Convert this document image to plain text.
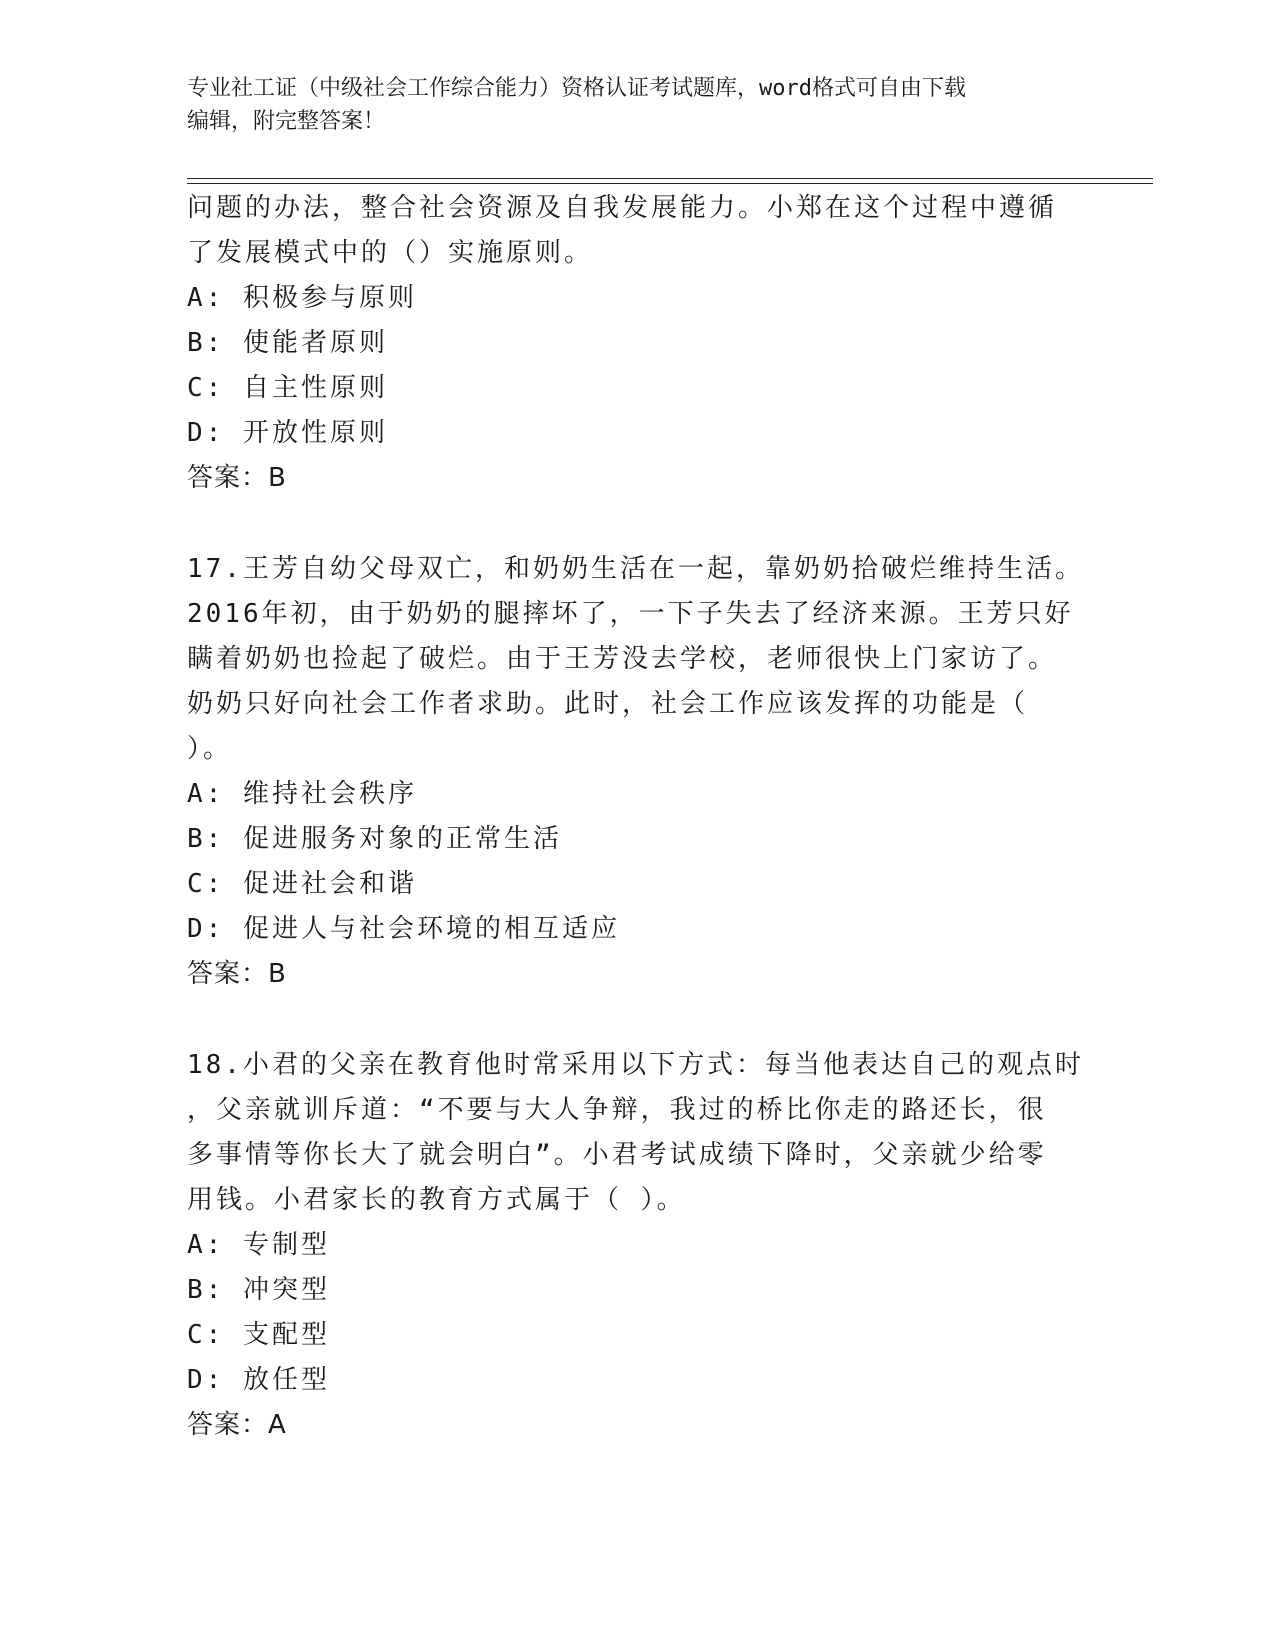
专业社工证（中级社会工作综合能力）资格认证考试题库，word格式可自由下载
编辑，附完整答案！
问题的办法，整合社会资源及自我发展能力。小郑在这个过程中遵循
了发展模式中的（）实施原则。
A: 积极参与原则
B: 使能者原则
C: 自主性原则
D: 开放性原则
答案：B
17.王芳自幼父母双亡，和奶奶生活在一起，靠奶奶拾破烂维持生活。
2016年初，由于奶奶的腿摔坏了，一下子失去了经济来源。王芳只好
瞒着奶奶也捡起了破烂。由于王芳没去学校，老师很快上门家访了。
奶奶只好向社会工作者求助。此时，社会工作应该发挥的功能是（
）。
A: 维持社会秩序
B: 促进服务对象的正常生活
C: 促进社会和谐
D: 促进人与社会环境的相互适应
答案：B
18.小君的父亲在教育他时常采用以下方式：每当他表达自己的观点时
，父亲就训斥道：“不要与大人争辩，我过的桥比你走的路还长，很
多事情等你长大了就会明白”。小君考试成绩下降时，父亲就少给零
用钱。小君家长的教育方式属于（ ）。
A: 专制型
B: 冲突型
C: 支配型
D: 放任型
答案：A
